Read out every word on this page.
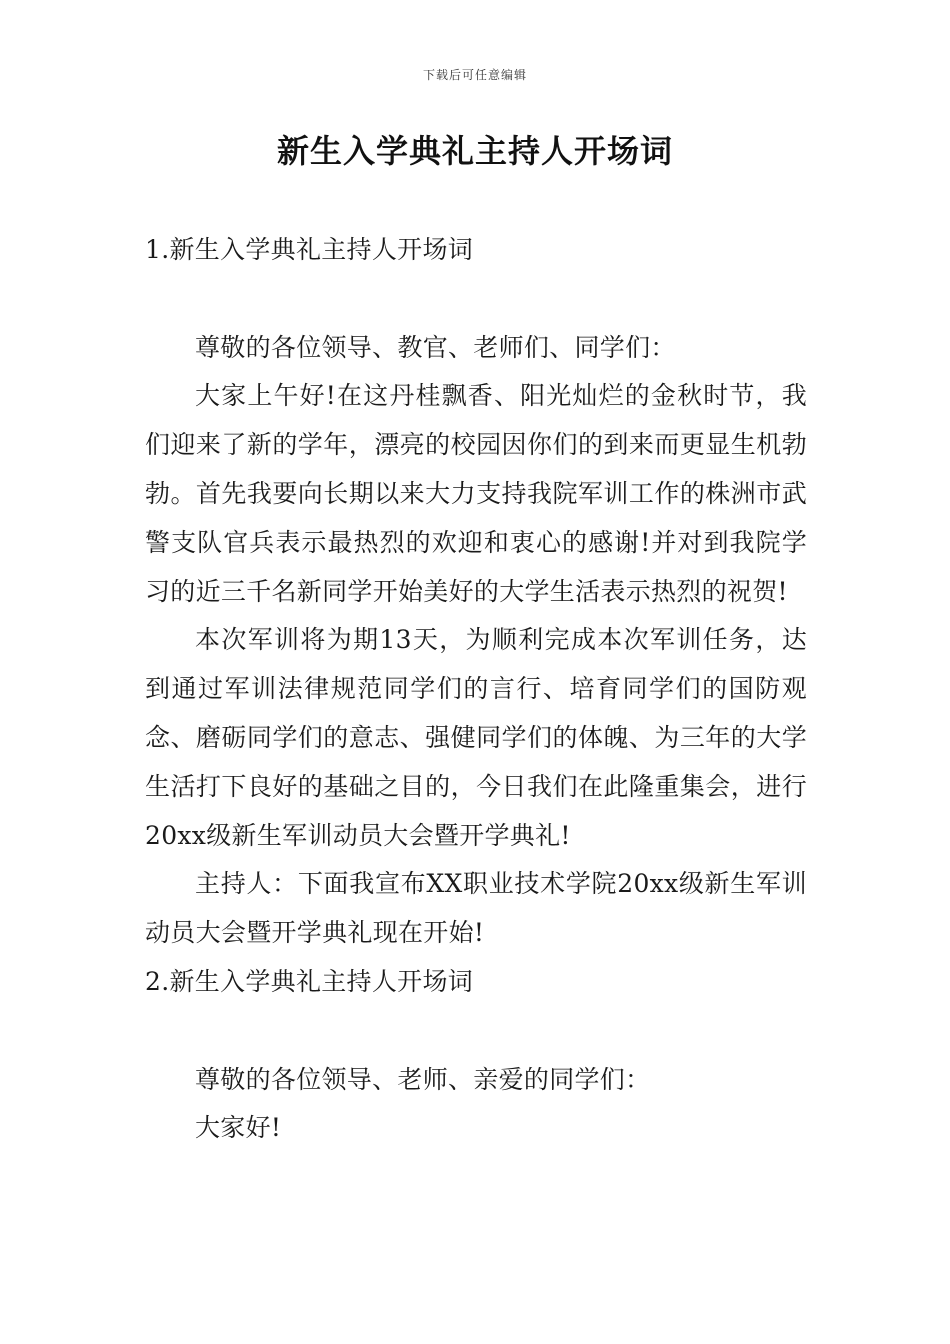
下载后可任意编辑
新生入学典礼主持人开场词

1.新生入学典礼主持人开场词

尊敬的各位领导、教官、老师们、同学们：

大家上午好!在这丹桂飘香、阳光灿烂的金秋时节，我们迎来了新的学年，漂亮的校园因你们的到来而更显生机勃勃。首先我要向长期以来大力支持我院军训工作的株洲市武警支队官兵表示最热烈的欢迎和衷心的感谢!并对到我院学习的近三千名新同学开始美好的大学生活表示热烈的祝贺!

本次军训将为期13天，为顺利完成本次军训任务，达到通过军训法律规范同学们的言行、培育同学们的国防观念、磨砺同学们的意志、强健同学们的体魄、为三年的大学生活打下良好的基础之目的，今日我们在此隆重集会，进行20xx级新生军训动员大会暨开学典礼!

主持人：下面我宣布XX职业技术学院20xx级新生军训动员大会暨开学典礼现在开始!

2.新生入学典礼主持人开场词

尊敬的各位领导、老师、亲爱的同学们：

大家好!
